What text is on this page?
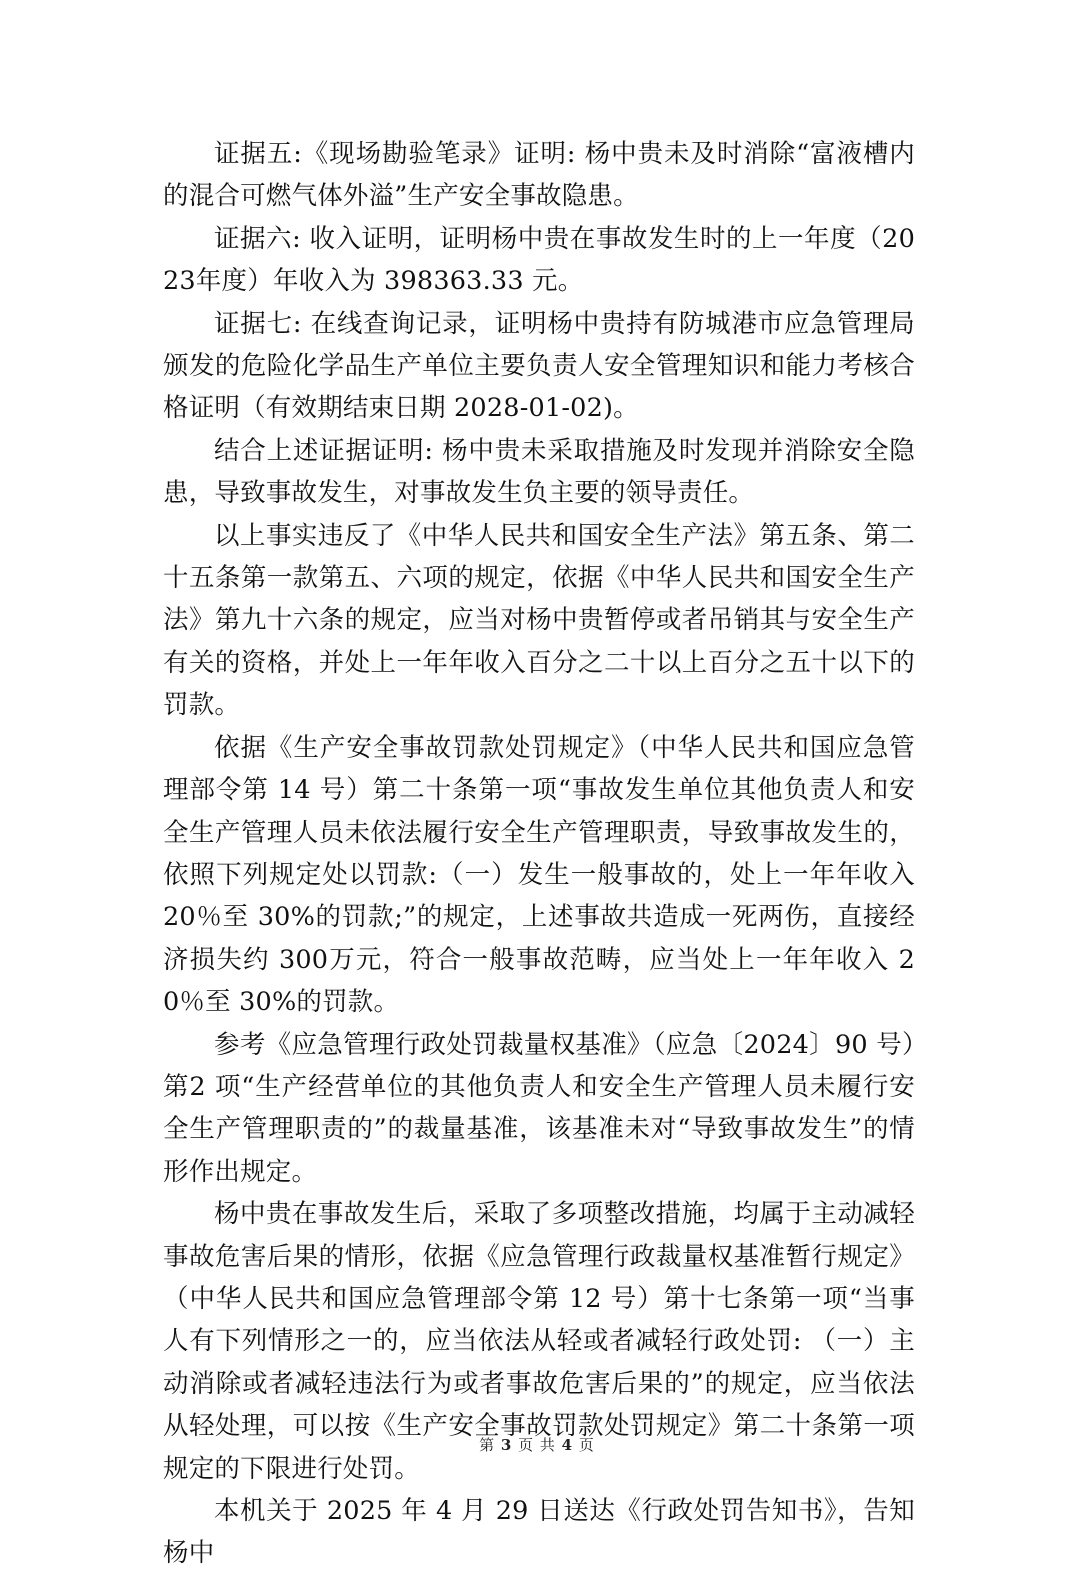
证据五:《现场勘验笔录》证明: 杨中贵未及时消除“富液槽内的混合可燃气体外溢”生产安全事故隐患。

证据六: 收入证明，证明杨中贵在事故发生时的上一年度（2023年度）年收入为 398363.33 元。

证据七: 在线查询记录，证明杨中贵持有防城港市应急管理局颁发的危险化学品生产单位主要负责人安全管理知识和能力考核合格证明（有效期结束日期 2028-01-02)。

结合上述证据证明: 杨中贵未采取措施及时发现并消除安全隐患，导致事故发生，对事故发生负主要的领导责任。

以上事实违反了《中华人民共和国安全生产法》第五条、第二十五条第一款第五、六项的规定，依据《中华人民共和国安全生产法》第九十六条的规定，应当对杨中贵暂停或者吊销其与安全生产有关的资格，并处上一年年收入百分之二十以上百分之五十以下的罚款。

依据《生产安全事故罚款处罚规定》（中华人民共和国应急管理部令第 14 号）第二十条第一项“事故发生单位其他负责人和安全生产管理人员未依法履行安全生产管理职责，导致事故发生的，依照下列规定处以罚款:（一）发生一般事故的，处上一年年收入 20％至 30%的罚款;”的规定，上述事故共造成一死两伤，直接经济损失约 300万元，符合一般事故范畴，应当处上一年年收入 20％至 30%的罚款。

参考《应急管理行政处罚裁量权基准》（应急〔2024〕90 号）第2 项“生产经营单位的其他负责人和安全生产管理人员未履行安全生产管理职责的”的裁量基准，该基准未对“导致事故发生”的情形作出规定。

杨中贵在事故发生后，采取了多项整改措施，均属于主动减轻事故危害后果的情形，依据《应急管理行政裁量权基准暂行规定》（中华人民共和国应急管理部令第 12 号）第十七条第一项“当事人有下列情形之一的，应当依法从轻或者减轻行政处罚: （一）主动消除或者减轻违法行为或者事故危害后果的”的规定，应当依法从轻处理，可以按《生产安全事故罚款处罚规定》第二十条第一项规定的下限进行处罚。

本机关于 2025 年 4 月 29 日送达《行政处罚告知书》，告知杨中

第 3 页 共 4 页
